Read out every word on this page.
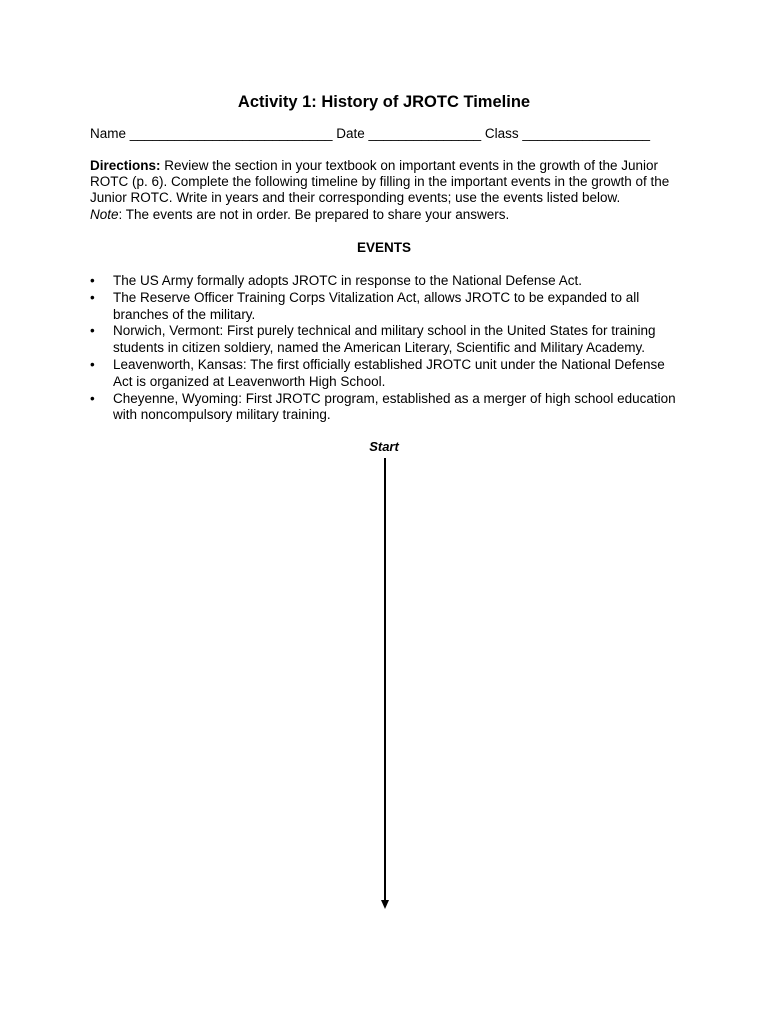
Activity 1: History of JROTC Timeline
Name ___________________________ Date _______________ Class _________________

Directions: Review the section in your textbook on important events in the growth of the Junior ROTC (p. 6). Complete the following timeline by filling in the important events in the growth of the Junior ROTC. Write in years and their corresponding events; use the events listed below.
Note: The events are not in order. Be prepared to share your answers.

EVENTS
• The US Army formally adopts JROTC in response to the National Defense Act.
• The Reserve Officer Training Corps Vitalization Act, allows JROTC to be expanded to all branches of the military.
• Norwich, Vermont: First purely technical and military school in the United States for training students in citizen soldiery, named the American Literary, Scientific and Military Academy.
• Leavenworth, Kansas: The first officially established JROTC unit under the National Defense Act is organized at Leavenworth High School.
• Cheyenne, Wyoming: First JROTC program, established as a merger of high school education with noncompulsory military training.
Start
